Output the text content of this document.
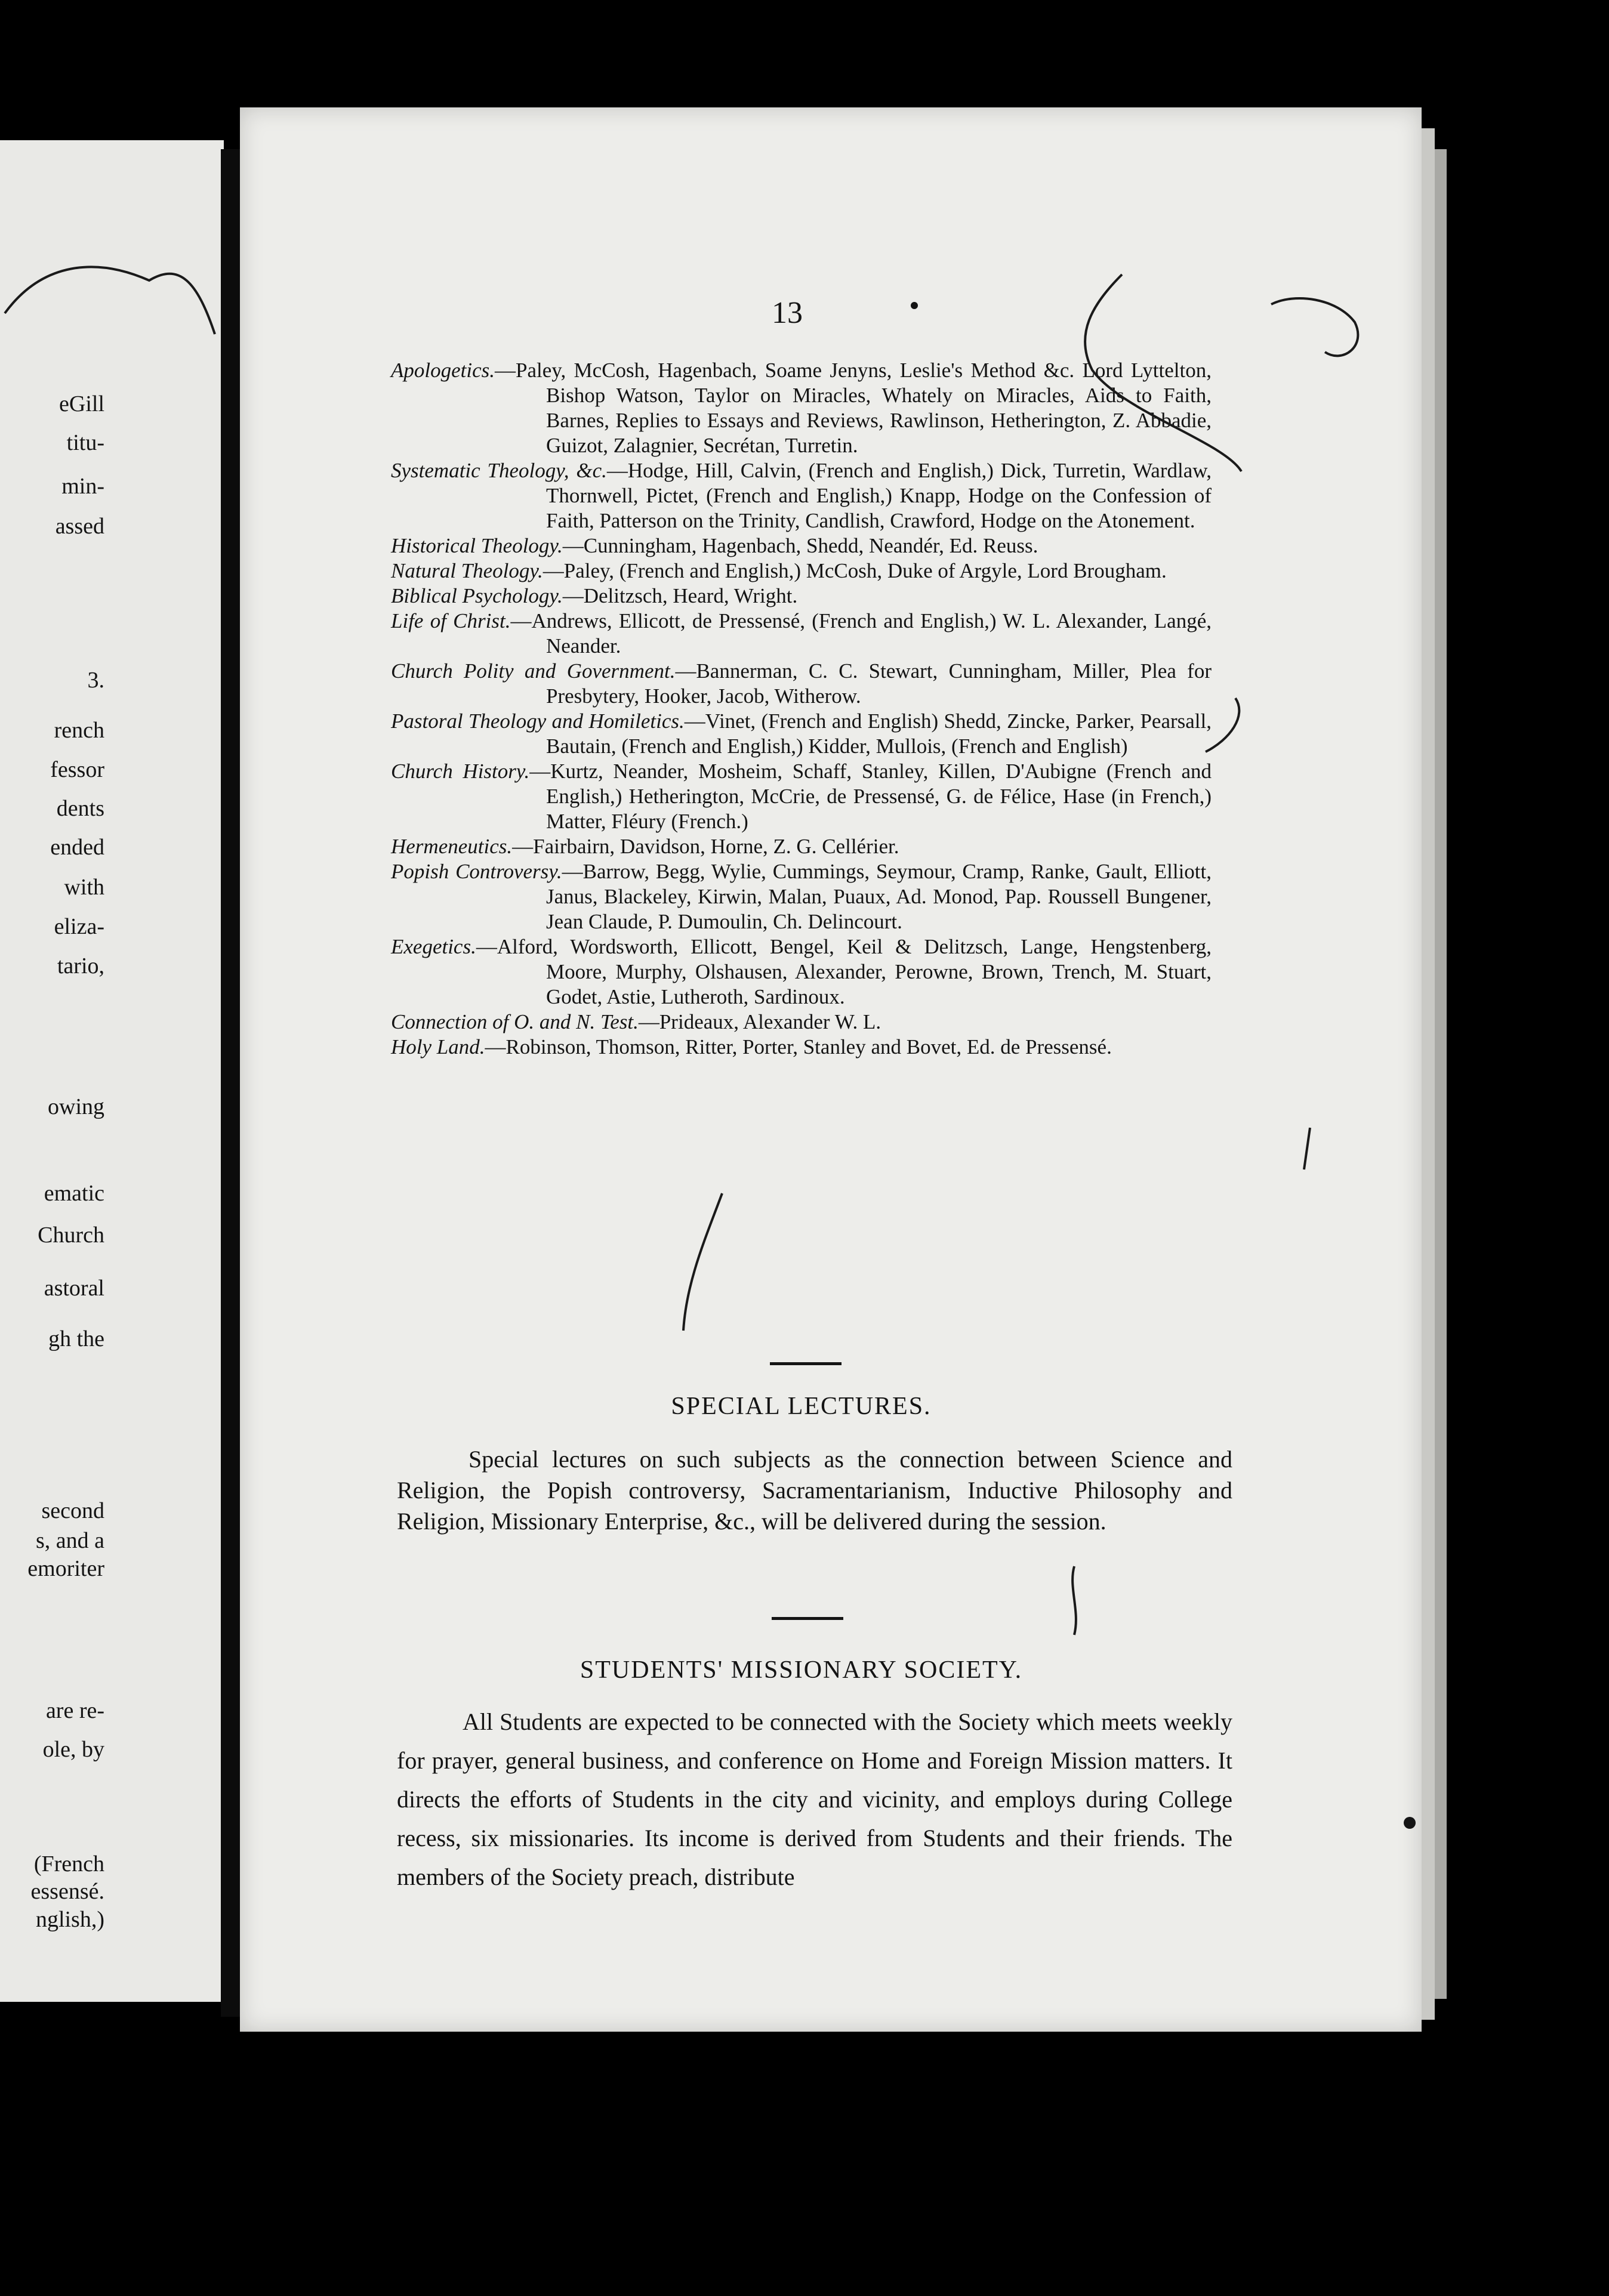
eGill
titu-
min-
assed
3.
rench
fessor
dents
ended
with
eliza-
tario,
owing
ematic
Church
astoral
gh the
second
s, and a
emoriter
are re-
ole, by
(French
essensé.
nglish,)
13

Apologetics.—Paley, McCosh, Hagenbach, Soame Jenyns, Leslie's Method &c. Lord Lyttelton, Bishop Watson, Taylor on Miracles, Whately on Miracles, Aids to Faith, Barnes, Replies to Essays and Reviews, Rawlinson, Hetherington, Z. Abbadie, Guizot, Zalagnier, Secrétan, Turretin.

Systematic Theology, &c.—Hodge, Hill, Calvin, (French and English,) Dick, Turretin, Wardlaw, Thornwell, Pictet, (French and English,) Knapp, Hodge on the Confession of Faith, Patterson on the Trinity, Candlish, Crawford, Hodge on the Atonement.

Historical Theology.—Cunningham, Hagenbach, Shedd, Neandér, Ed. Reuss.

Natural Theology.—Paley, (French and English,) McCosh, Duke of Argyle, Lord Brougham.

Biblical Psychology.—Delitzsch, Heard, Wright.

Life of Christ.—Andrews, Ellicott, de Pressensé, (French and English,) W. L. Alexander, Langé, Neander.

Church Polity and Government.—Bannerman, C. C. Stewart, Cunningham, Miller, Plea for Presbytery, Hooker, Jacob, Witherow.

Pastoral Theology and Homiletics.—Vinet, (French and English) Shedd, Zincke, Parker, Pearsall, Bautain, (French and English,) Kidder, Mullois, (French and English)

Church History.—Kurtz, Neander, Mosheim, Schaff, Stanley, Killen, D'Aubigne (French and English,) Hetherington, McCrie, de Pressensé, G. de Félice, Hase (in French,) Matter, Fléury (French.)

Hermeneutics.—Fairbairn, Davidson, Horne, Z. G. Cellérier.

Popish Controversy.—Barrow, Begg, Wylie, Cummings, Seymour, Cramp, Ranke, Gault, Elliott, Janus, Blackeley, Kirwin, Malan, Puaux, Ad. Monod, Pap. Roussell Bungener, Jean Claude, P. Dumoulin, Ch. Delincourt.

Exegetics.—Alford, Wordsworth, Ellicott, Bengel, Keil & Delitzsch, Lange, Hengstenberg, Moore, Murphy, Olshausen, Alexander, Perowne, Brown, Trench, M. Stuart, Godet, Astie, Lutheroth, Sardinoux.

Connection of O. and N. Test.—Prideaux, Alexander W. L.

Holy Land.—Robinson, Thomson, Ritter, Porter, Stanley and Bovet, Ed. de Pressensé.

SPECIAL LECTURES.
Special lectures on such subjects as the connection between Science and Religion, the Popish controversy, Sacramentarianism, Inductive Philosophy and Religion, Missionary Enterprise, &c., will be delivered during the session.
STUDENTS' MISSIONARY SOCIETY.
All Students are expected to be connected with the Society which meets weekly for prayer, general business, and conference on Home and Foreign Mission matters. It directs the efforts of Students in the city and vicinity, and employs during College recess, six missionaries. Its income is derived from Students and their friends. The members of the Society preach, distribute
